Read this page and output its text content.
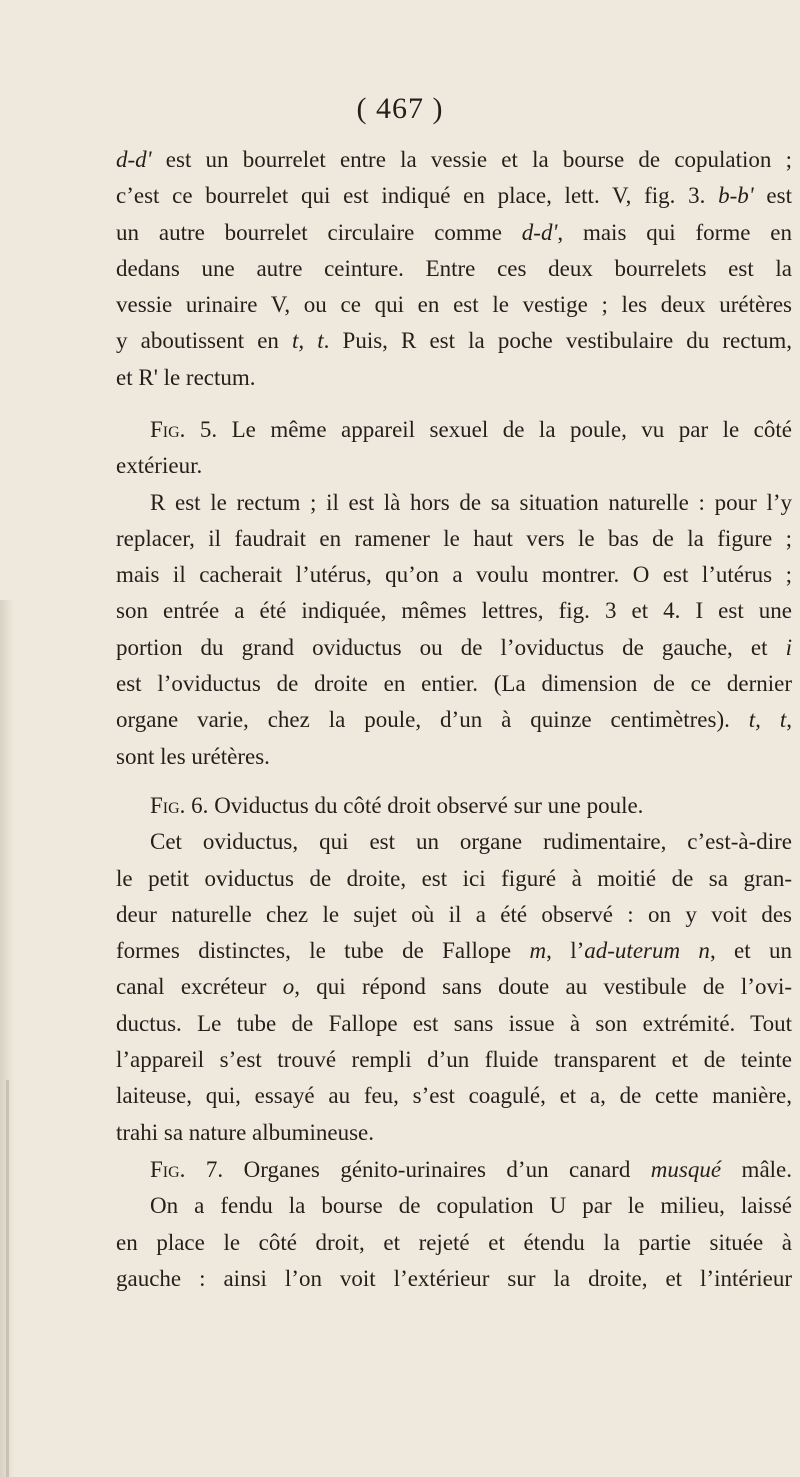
( 467 )
d-d' est un bourrelet entre la vessie et la bourse de copulation ;
c’est ce bourrelet qui est indiqué en place, lett. V, fig. 3. b-b' est
un autre bourrelet circulaire comme d-d', mais qui forme en
dedans une autre ceinture. Entre ces deux bourrelets est la
vessie urinaire V, ou ce qui en est le vestige ; les deux urétères
y aboutissent en t, t. Puis, R est la poche vestibulaire du rectum,
et R' le rectum.
Fig. 5. Le même appareil sexuel de la poule, vu par le côté
extérieur.
R est le rectum ; il est là hors de sa situation naturelle : pour l’y
replacer, il faudrait en ramener le haut vers le bas de la figure ;
mais il cacherait l’utérus, qu’on a voulu montrer. O est l’utérus ;
son entrée a été indiquée, mêmes lettres, fig. 3 et 4. I est une
portion du grand oviductus ou de l’oviductus de gauche, et i
est l’oviductus de droite en entier. (La dimension de ce dernier
organe varie, chez la poule, d’un à quinze centimètres). t, t,
sont les urétères.
Fig. 6. Oviductus du côté droit observé sur une poule.
Cet oviductus, qui est un organe rudimentaire, c’est-à-dire
le petit oviductus de droite, est ici figuré à moitié de sa gran-
deur naturelle chez le sujet où il a été observé : on y voit des
formes distinctes, le tube de Fallope m, l’ad-uterum n, et un
canal excréteur o, qui répond sans doute au vestibule de l’ovi-
ductus. Le tube de Fallope est sans issue à son extrémité. Tout
l’appareil s’est trouvé rempli d’un fluide transparent et de teinte
laiteuse, qui, essayé au feu, s’est coagulé, et a, de cette manière,
trahi sa nature albumineuse.
Fig. 7. Organes génito-urinaires d’un canard musqué mâle.
On a fendu la bourse de copulation U par le milieu, laissé
en place le côté droit, et rejeté et étendu la partie située à
gauche : ainsi l’on voit l’extérieur sur la droite, et l’intérieur
